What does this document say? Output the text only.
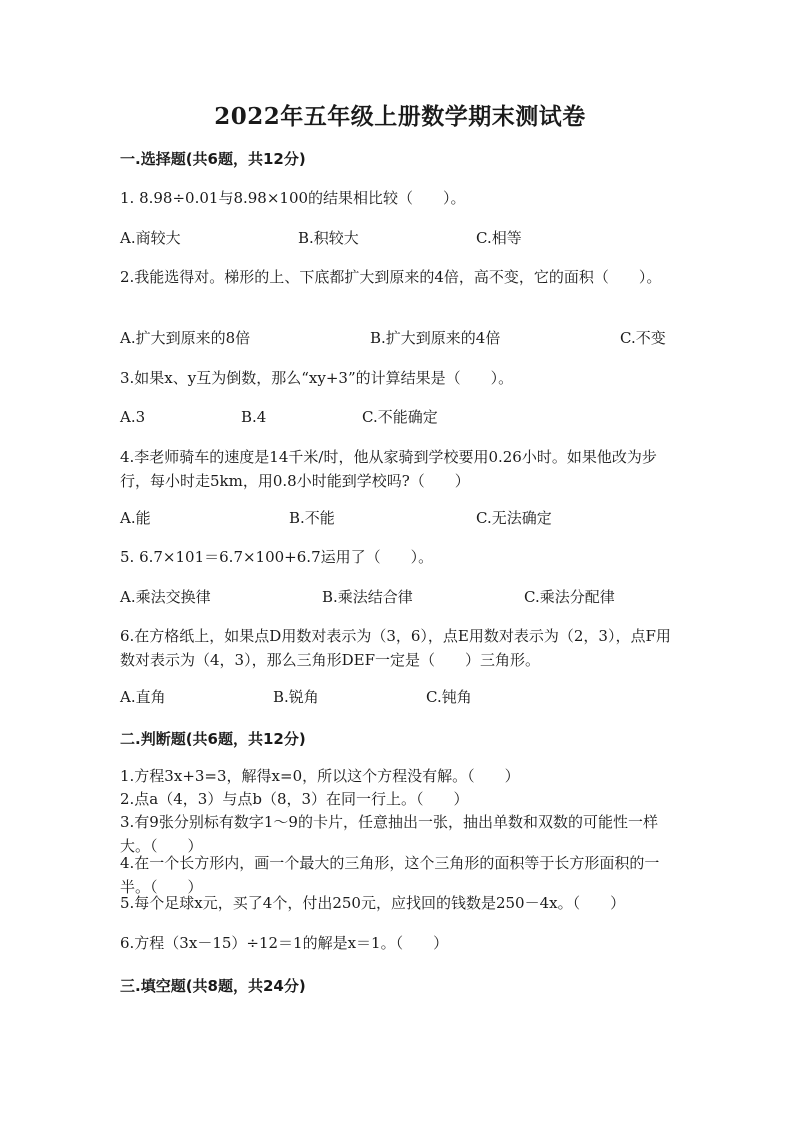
2022年五年级上册数学期末测试卷
一.选择题(共6题，共12分)
1. 8.98÷0.01与8.98×100的结果相比较（　　）。
A.商较大	B.积较大	C.相等
2.我能选得对。梯形的上、下底都扩大到原来的4倍，高不变，它的面积（　　）。
A.扩大到原来的8倍	B.扩大到原来的4倍	C.不变
3.如果x、y互为倒数，那么“xy+3”的计算结果是（　　）。
A.3	B.4	C.不能确定
4.李老师骑车的速度是14千米/时，他从家骑到学校要用0.26小时。如果他改为步行，每小时走5km，用0.8小时能到学校吗?（　　）
A.能	B.不能	C.无法确定
5. 6.7×101＝6.7×100+6.7运用了（　　）。
A.乘法交换律	B.乘法结合律	C.乘法分配律
6.在方格纸上，如果点D用数对表示为（3，6），点E用数对表示为（2，3），点F用数对表示为（4，3），那么三角形DEF一定是（　　）三角形。
A.直角	B.锐角	C.钝角
二.判断题(共6题，共12分)
1.方程3x+3=3，解得x=0，所以这个方程没有解。（　　）
2.点a（4，3）与点b（8，3）在同一行上。（　　）
3.有9张分别标有数字1～9的卡片，任意抽出一张，抽出单数和双数的可能性一样大。（　　）
4.在一个长方形内，画一个最大的三角形，这个三角形的面积等于长方形面积的一半。（　　）
5.每个足球x元，买了4个，付出250元，应找回的钱数是250－4x。（　　）
6.方程（3x－15）÷12＝1的解是x＝1。（　　）
三.填空题(共8题，共24分)
